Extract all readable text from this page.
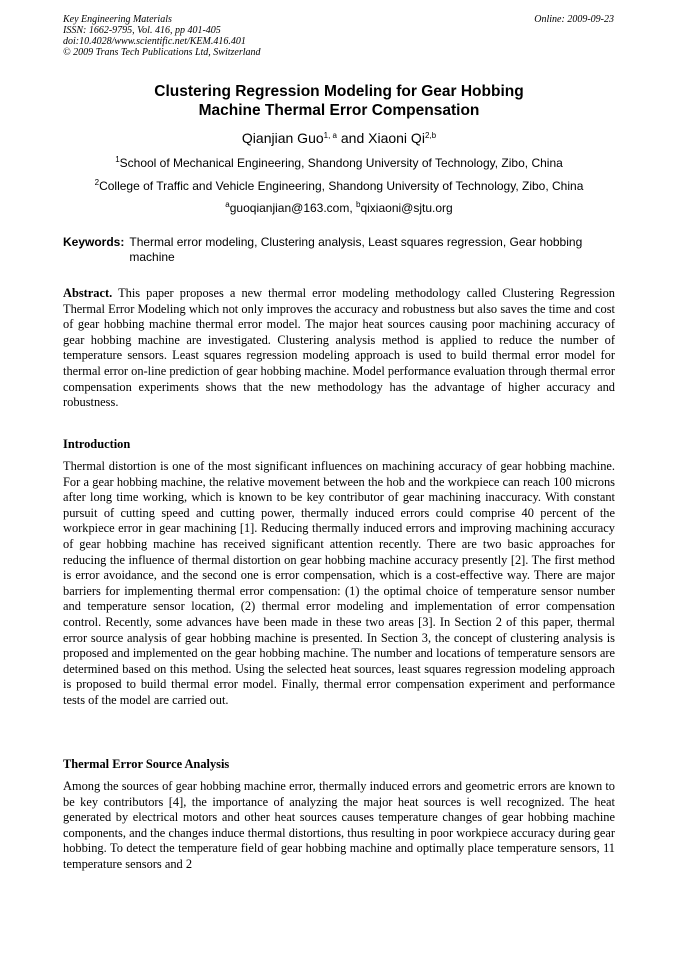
Key Engineering Materials
ISSN: 1662-9795, Vol. 416, pp 401-405
doi:10.4028/www.scientific.net/KEM.416.401
© 2009 Trans Tech Publications Ltd, Switzerland
Online: 2009-09-23
Clustering Regression Modeling for Gear Hobbing
Machine Thermal Error Compensation
Qianjian Guo$^{1, a}$ and Xiaoni Qi$^{2,b}$
$^1$School of Mechanical Engineering, Shandong University of Technology, Zibo, China
$^2$College of Traffic and Vehicle Engineering, Shandong University of Technology, Zibo, China
$^a$guoqianjian@163.com, $^b$qixiaoni@sjtu.org
Keywords: Thermal error modeling, Clustering analysis, Least squares regression, Gear hobbing machine
Abstract. This paper proposes a new thermal error modeling methodology called Clustering Regression Thermal Error Modeling which not only improves the accuracy and robustness but also saves the time and cost of gear hobbing machine thermal error model. The major heat sources causing poor machining accuracy of gear hobbing machine are investigated. Clustering analysis method is applied to reduce the number of temperature sensors. Least squares regression modeling approach is used to build thermal error model for thermal error on-line prediction of gear hobbing machine. Model performance evaluation through thermal error compensation experiments shows that the new methodology has the advantage of higher accuracy and robustness.
Introduction
Thermal distortion is one of the most significant influences on machining accuracy of gear hobbing machine. For a gear hobbing machine, the relative movement between the hob and the workpiece can reach 100 microns after long time working, which is known to be key contributor of gear machining inaccuracy. With constant pursuit of cutting speed and cutting power, thermally induced errors could comprise 40 percent of the workpiece error in gear machining [1]. Reducing thermally induced errors and improving machining accuracy of gear hobbing machine has received significant attention recently. There are two basic approaches for reducing the influence of thermal distortion on gear hobbing machine accuracy presently [2]. The first method is error avoidance, and the second one is error compensation, which is a cost-effective way. There are major barriers for implementing thermal error compensation: (1) the optimal choice of temperature sensor number and temperature sensor location, (2) thermal error modeling and implementation of error compensation control. Recently, some advances have been made in these two areas [3]. In Section 2 of this paper, thermal error source analysis of gear hobbing machine is presented. In Section 3, the concept of clustering analysis is proposed and implemented on the gear hobbing machine. The number and locations of temperature sensors are determined based on this method. Using the selected heat sources, least squares regression modeling approach is proposed to build thermal error model. Finally, thermal error compensation experiment and performance tests of the model are carried out.
Thermal Error Source Analysis
Among the sources of gear hobbing machine error, thermally induced errors and geometric errors are known to be key contributors [4], the importance of analyzing the major heat sources is well recognized. The heat generated by electrical motors and other heat sources causes temperature changes of gear hobbing machine components, and the changes induce thermal distortions, thus resulting in poor workpiece accuracy during gear hobbing. To detect the temperature field of gear hobbing machine and optimally place temperature sensors, 11 temperature sensors and 2
